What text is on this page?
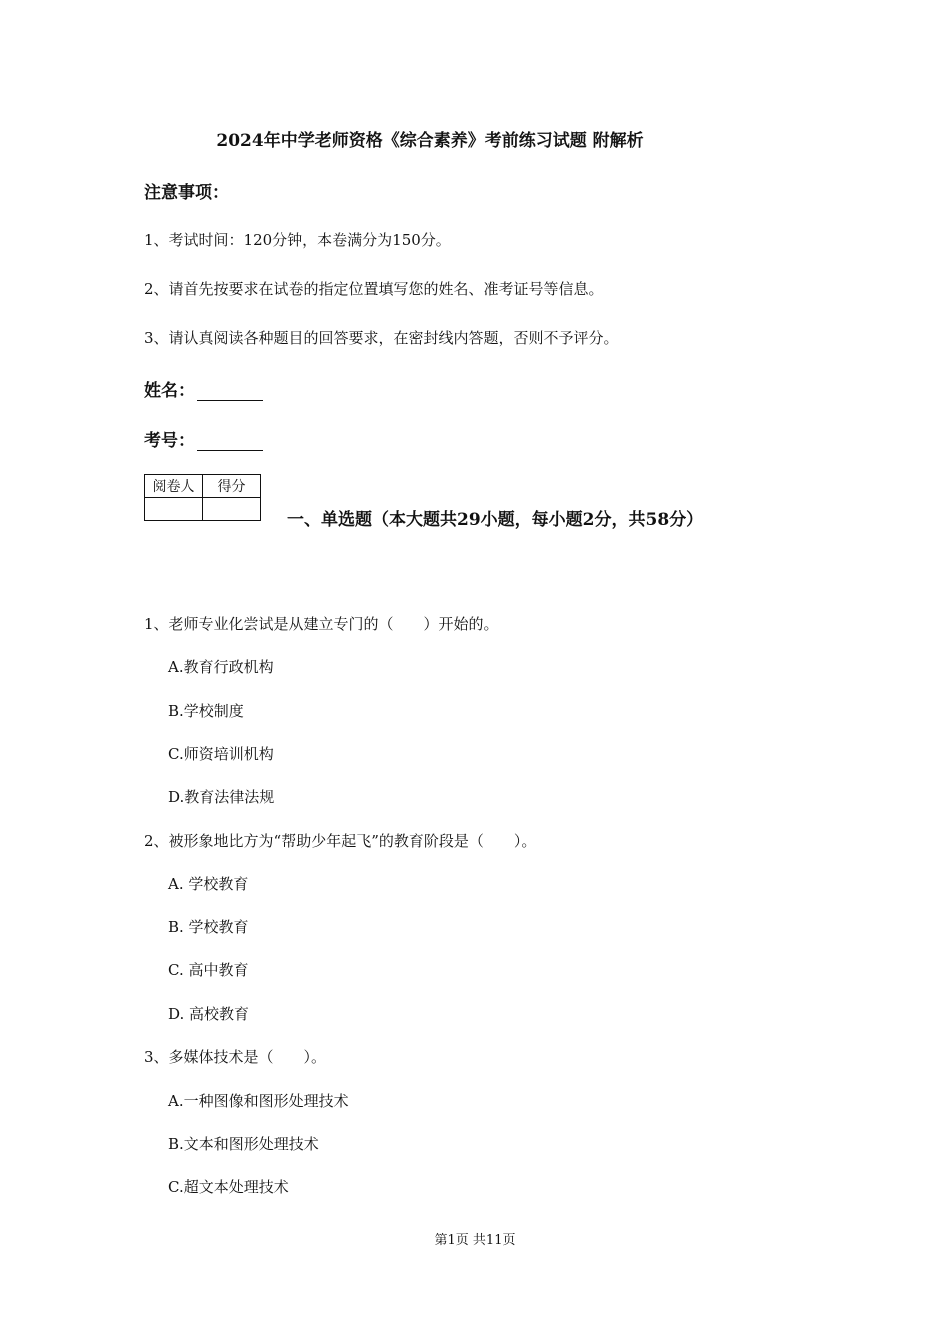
2024年中学老师资格《综合素养》考前练习试题 附解析
注意事项：
1、考试时间：120分钟，本卷满分为150分。
2、请首先按要求在试卷的指定位置填写您的姓名、准考证号等信息。
3、请认真阅读各种题目的回答要求，在密封线内答题，否则不予评分。
姓名：
考号：
阅卷人	得分

一、单选题（本大题共29小题，每小题2分，共58分）
1、老师专业化尝试是从建立专门的（　　）开始的。
A.教育行政机构
B.学校制度
C.师资培训机构
D.教育法律法规
2、被形象地比方为“帮助少年起飞”的教育阶段是（　　）。
A. 学校教育
B. 学校教育
C. 高中教育
D. 高校教育
3、多媒体技术是（　　）。
A.一种图像和图形处理技术
B.文本和图形处理技术
C.超文本处理技术
第1页 共11页
